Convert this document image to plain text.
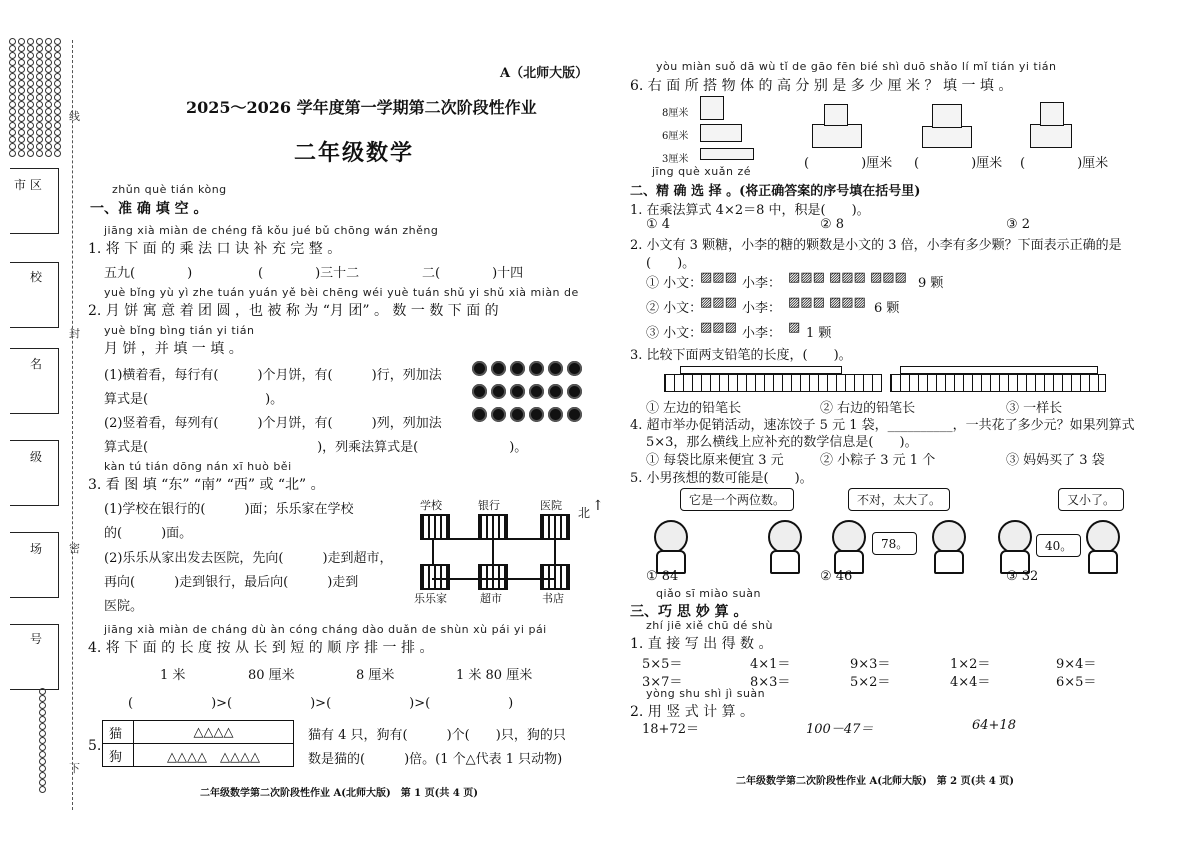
市 区
校
名
级
场
号
线
封
密
下

A（北师大版）
2025～2026 学年度第一学期第二次阶段性作业
二年级数学
zhǔn què tián kòng
一、准 确 填 空 。
jiāng xià miàn de chéng fǎ kǒu jué bǔ chōng wán zhěng
1. 将 下 面 的 乘 法 口 诀 补 充 完 整 。
五九(　　　　)	(　　　　)三十二	二(　　　　)十四
yuè bǐng yù yì zhe tuán yuán yě bèi chēng wéi yuè tuán shǔ yi shǔ xià miàn de
2. 月 饼 寓 意 着 团 圆 ，也 被 称 为 “月 团” 。 数 一 数 下 面 的
yuè bǐng bìng tián yi tián
月 饼 ，并 填 一 填 。
(1)横着看，每行有(　　　)个月饼，有(　　　)行，列加法
算式是(　　　　　　　　　)。
(2)竖着看，每列有(　　　)个月饼，有(　　　)列，列加法
算式是(　　　　　　　　　　　　　)，列乘法算式是(　　　　　　　)。

kàn tú tián dōng nán xī huò běi
3. 看 图 填 “东” “南” “西” 或 “北” 。
(1)学校在银行的(　　　)面；乐乐家在学校
的(　　　)面。
(2)乐乐从家出发去医院，先向(　　　)走到超市，
再向(　　　)走到银行，最后向(　　　)走到
医院。
学校	银行	医院
乐乐家	超市	书店
北 ↑
jiāng xià miàn de cháng dù àn cóng cháng dào duǎn de shùn xù pái yi pái
4. 将 下 面 的 长 度 按 从 长 到 短 的 顺 序 排 一 排 。
1 米	80 厘米	8 厘米	1 米 80 厘米
(　　　　　　)>(　　　　　　)>(　　　　　　)>(　　　　　　)
5.
猫	△△△△
狗	△△△△　△△△△
猫有 4 只，狗有(　　　)个(　　)只，狗的只
数是猫的(　　　)倍。(1 个△代表 1 只动物)
二年级数学第二次阶段性作业 A(北师大版)　第 1 页(共 4 页)
yòu miàn suǒ dā wù tǐ de gāo fēn bié shì duō shǎo lí mǐ tián yi tián
6. 右 面 所 搭 物 体 的 高 分 别 是 多 少 厘 米 ？ 填 一 填 。
8厘米
6厘米
3厘米	(　　　　)厘米 (　　　　)厘米 (　　　　)厘米
jīng què xuǎn zé
二、精 确 选 择 。(将正确答案的序号填在括号里)
1. 在乘法算式 4×2＝8 中，积是(　　)。
① 4	② 8	③ 2
2. 小文有 3 颗糖，小李的糖的颗数是小文的 3 倍，小李有多少颗？下面表示正确的是
(　　)。
① 小文：
▨▨▨ 小李： ▨▨▨ ▨▨▨ ▨▨▨ 9 颗
② 小文：
▨▨▨ 小李： ▨▨▨ ▨▨▨ 6 颗
③ 小文：
▨▨▨ 小李： ▨ 1 颗
3. 比较下面两支铅笔的长度，(　　)。
① 左边的铅笔长	② 右边的铅笔长	③ 一样长
4. 超市举办促销活动，速冻饺子 5 元 1 袋，__________，一共花了多少元？如果列算式
5×3，那么横线上应补充的数学信息是(　　)。
① 每袋比原来便宜 3 元	② 小粽子 3 元 1 个	③ 妈妈买了 3 袋
5. 小男孩想的数可能是(　　)。
它是一个两位数。	不对，太大了。
78。
又小了。
40。
① 84	② 46	③ 32
qiǎo sī miào suàn
三、巧 思 妙 算 。
zhí jiē xiě chū dé shù
1. 直 接 写 出 得 数 。
5×5＝	4×1＝	9×3＝	1×2＝	9×4＝
3×7＝	8×3＝	5×2＝	4×4＝	6×5＝
yòng shu shì jì suàn
2. 用 竖 式 计 算 。
18+72＝	100－47＝	64+18
二年级数学第二次阶段性作业 A(北师大版)　第 2 页(共 4 页)
